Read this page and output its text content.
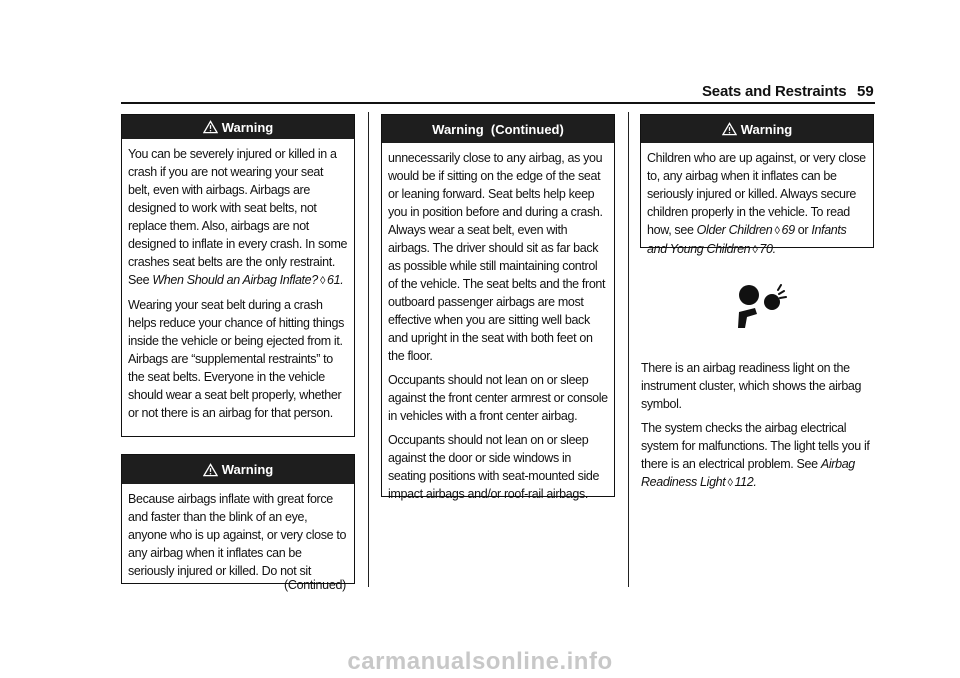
Seats and Restraints 59
Warning

You can be severely injured or killed in a crash if you are not wearing your seat belt, even with airbags. Airbags are designed to work with seat belts, not replace them. Also, airbags are not designed to inflate in every crash. In some crashes seat belts are the only restraint. See When Should an Airbag Inflate? ◊ 61.

Wearing your seat belt during a crash helps reduce your chance of hitting things inside the vehicle or being ejected from it. Airbags are “supplemental restraints” to the seat belts. Everyone in the vehicle should wear a seat belt properly, whether or not there is an airbag for that person.

Warning

Because airbags inflate with great force and faster than the blink of an eye, anyone who is up against, or very close to any airbag when it inflates can be seriously injured or killed. Do not sit

(Continued)
Warning  (Continued)

unnecessarily close to any airbag, as you would be if sitting on the edge of the seat or leaning forward. Seat belts help keep you in position before and during a crash. Always wear a seat belt, even with airbags. The driver should sit as far back as possible while still maintaining control of the vehicle. The seat belts and the front outboard passenger airbags are most effective when you are sitting well back and upright in the seat with both feet on the floor.

Occupants should not lean on or sleep against the front center armrest or console in vehicles with a front center airbag.

Occupants should not lean on or sleep against the door or side windows in seating positions with seat-mounted side impact airbags and/or roof-rail airbags.

Warning

Children who are up against, or very close to, any airbag when it inflates can be seriously injured or killed. Always secure children properly in the vehicle. To read how, see Older Children ◊ 69 or Infants and Young Children ◊ 70.

There is an airbag readiness light on the instrument cluster, which shows the airbag symbol.

The system checks the airbag electrical system for malfunctions. The light tells you if there is an electrical problem. See Airbag Readiness Light ◊ 112.

carmanualsonline.info
